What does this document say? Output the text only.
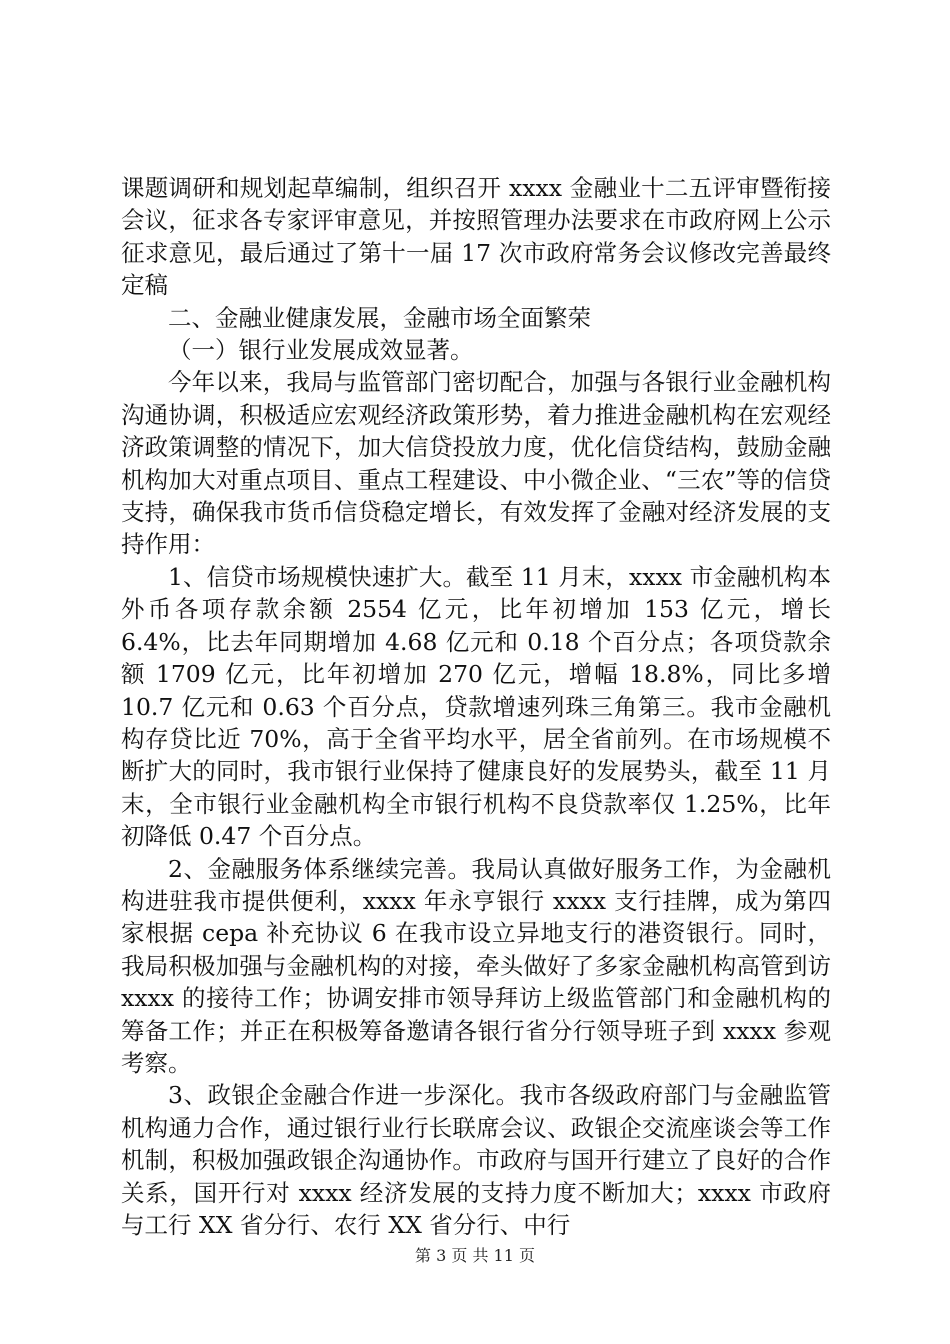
课题调研和规划起草编制，组织召开 xxxx 金融业十二五评审暨衔接会议，征求各专家评审意见，并按照管理办法要求在市政府网上公示征求意见，最后通过了第十一届 17 次市政府常务会议修改完善最终定稿

二、金融业健康发展，金融市场全面繁荣

（一）银行业发展成效显著。

今年以来，我局与监管部门密切配合，加强与各银行业金融机构沟通协调，积极适应宏观经济政策形势，着力推进金融机构在宏观经济政策调整的情况下，加大信贷投放力度，优化信贷结构，鼓励金融机构加大对重点项目、重点工程建设、中小微企业、“三农”等的信贷支持，确保我市货币信贷稳定增长，有效发挥了金融对经济发展的支持作用：

1、信贷市场规模快速扩大。截至 11 月末，xxxx 市金融机构本外币各项存款余额 2554 亿元，比年初增加 153 亿元，增长 6.4%，比去年同期增加 4.68 亿元和 0.18 个百分点；各项贷款余额 1709 亿元，比年初增加 270 亿元，增幅 18.8%，同比多增 10.7 亿元和 0.63 个百分点，贷款增速列珠三角第三。我市金融机构存贷比近 70%，高于全省平均水平，居全省前列。在市场规模不断扩大的同时，我市银行业保持了健康良好的发展势头，截至 11 月末，全市银行业金融机构全市银行机构不良贷款率仅 1.25%，比年初降低 0.47 个百分点。

2、金融服务体系继续完善。我局认真做好服务工作，为金融机构进驻我市提供便利，xxxx 年永亨银行 xxxx 支行挂牌，成为第四家根据 cepa 补充协议 6 在我市设立异地支行的港资银行。同时，我局积极加强与金融机构的对接，牵头做好了多家金融机构高管到访 xxxx 的接待工作；协调安排市领导拜访上级监管部门和金融机构的筹备工作；并正在积极筹备邀请各银行省分行领导班子到 xxxx 参观考察。

3、政银企金融合作进一步深化。我市各级政府部门与金融监管机构通力合作，通过银行业行长联席会议、政银企交流座谈会等工作机制，积极加强政银企沟通协作。市政府与国开行建立了良好的合作关系，国开行对 xxxx 经济发展的支持力度不断加大；xxxx 市政府与工行 XX 省分行、农行 XX 省分行、中行

第 3 页 共 11 页
